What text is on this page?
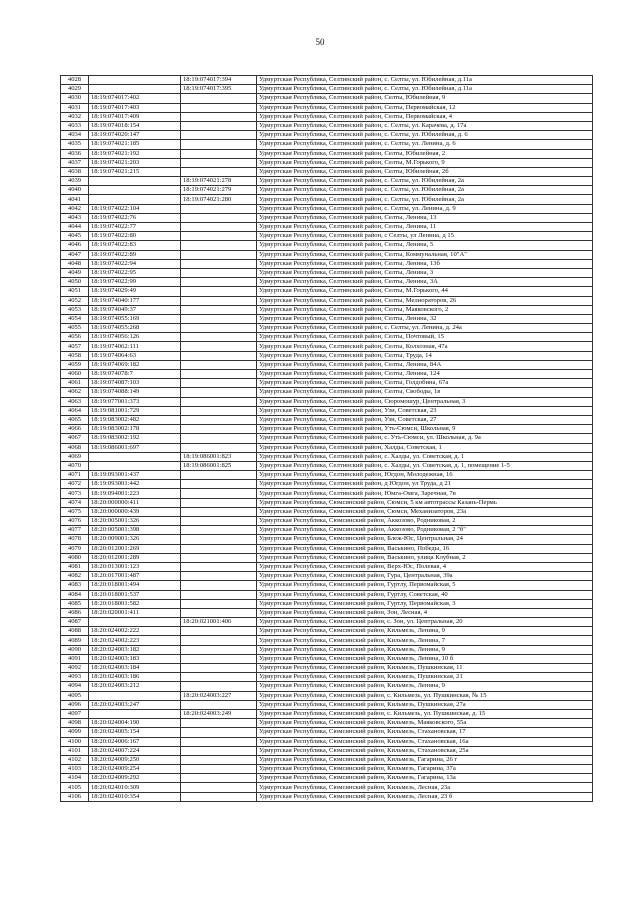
50
4028		18:19:074017:394	Удмуртская Республика, Селтинский район, с. Селты, ул. Юбилейная, д.11а
4029		18:19:074017:395	Удмуртская Республика, Селтинский район, с. Селты, ул. Юбилейная, д.11а
4030	18:19:074017:402		Удмуртская Республика, Селтинский район, Селты, Юбилейная, 9
4031	18:19:074017:403		Удмуртская Республика, Селтинский район, Селты, Первомайская, 12
4032	18:19:074017:409		Удмуртская Республика, Селтинский район, Селты, Первомайская, 4
4033	18:19:074018:154		Удмуртская Республика, Селтинский район, с. Селты, ул. Карачева, д. 17а
4034	18:19:074020:147		Удмуртская Республика, Селтинский район, с. Селты, ул. Юбилейная, д. 6
4035	18:19:074021:185		Удмуртская Республика, Селтинский район, с. Селты, ул. Ленина, д. 6
4036	18:19:074021:192		Удмуртская Республика, Селтинский район, Селты, Юбилейная, 2
4037	18:19:074021:203		Удмуртская Республика, Селтинский район, Селты, М.Горького, 9
4038	18:19:074021:215		Удмуртская Республика, Селтинский район, Селты, Юбилейная, 2б
4039		18:19:074021:278	Удмуртская Республика, Селтинский район, с. Селты, ул. Юбилейная, 2а
4040		18:19:074021:279	Удмуртская Республика, Селтинский район, с. Селты, ул. Юбилейная, 2а
4041		18:19:074021:280	Удмуртская Республика, Селтинский район, с. Селты, ул. Юбилейная, 2а
4042	18:19:074022:104		Удмуртская Республика, Селтинский район, с. Селты, ул. Ленина, д. 9
4043	18:19:074022:76		Удмуртская Республика, Селтинский район, Селты, Ленина, 13
4044	18:19:074022:77		Удмуртская Республика, Селтинский район, Селты, Ленина, 11
4045	18:19:074022:80		Удмуртская Республика, Селтинский район, с Селты, ул Ленина, д 15
4046	18:19:074022:83		Удмуртская Республика, Селтинский район, Селты, Ленина, 5
4047	18:19:074022:89		Удмуртская Республика, Селтинский район, Селты, Коммунальная, 10"А"
4048	18:19:074022:94		Удмуртская Республика, Селтинский район, Селты, Ленина, 13б
4049	18:19:074022:95		Удмуртская Республика, Селтинский район, Селты, Ленина, 3
4050	18:19:074022:99		Удмуртская Республика, Селтинский район, Селты, Ленина, 3А
4051	18:19:074029:49		Удмуртская Республика, Селтинский район, Селты, М.Горького, 44
4052	18:19:074040:177		Удмуртская Республика, Селтинский район, Селты, Мелиораторов, 26
4053	18:19:074049:37		Удмуртская Республика, Селтинский район, Селты, Маяковского, 2
4054	18:19:074055:169		Удмуртская Республика, Селтинский район, Селты, Ленина, 32
4055	18:19:074055:268		Удмуртская Республика, Селтинский район, с. Селты, ул. Ленина, д. 24а
4056	18:19:074056:126		Удмуртская Республика, Селтинский район, Селты, Почтовый, 15
4057	18:19:074062:111		Удмуртская Республика, Селтинский район, Селты, Колхозная, 47а
4058	18:19:074064:63		Удмуртская Республика, Селтинский район, Селты, Труда, 14
4059	18:19:074069:182		Удмуртская Республика, Селтинский район, Селты, Ленина, 84А
4060	18:19:074078:7		Удмуртская Республика, Селтинский район, Селты, Ленина, 124
4061	18:19:074087:103		Удмуртская Республика, Селтинский район, Селты, Голдобина, 67а
4062	18:19:074088:149		Удмуртская Республика, Селтинский район, Селты, Свободы, 1в
4063	18:19:077001:373		Удмуртская Республика, Селтинский район, Сюромошур, Центральная, 3
4064	18:19:081001:729		Удмуртская Республика, Селтинский район, Узи, Советская, 23
4065	18:19:083002:482		Удмуртская Республика, Селтинский район, Узи, Советская, 27
4066	18:19:083002:178		Удмуртская Республика, Селтинский район, Уть-Сюмси, Школьная, 9
4067	18:19:083002:192		Удмуртская Республика, Селтинский район, с. Уть-Сюмси, ул. Школьная, д. 9а
4068	18:19:086001:697		Удмуртская Республика, Селтинский район, Халды, Советская, 1
4069		18:19:086001:823	Удмуртская Республика, Селтинский район, с. Халды, ул. Советская, д. 1
4070		18:19:086001:825	Удмуртская Республика, Селтинский район, с. Халды, ул. Советская, д. 1, помещение 1-5
4071	18:19:093001:437		Удмуртская Республика, Селтинский район, Югдон, Молодежная, 16
4072	18:19:093001:442		Удмуртская Республика, Селтинский район, д Югдон, ул Труда, д 21
4073	18:19:094001:223		Удмуртская Республика, Селтинский район, Юмга-Омга, Заречная, 7в
4074	18:20:000000:411		Удмуртская Республика, Сюмсинский район, Сюмси, 5 км автотрассы Казань-Пермь
4075	18:20:000000:439		Удмуртская Республика, Сюмсинский район, Сюмси, Механизаторов, 23а
4076	18:20:005001:326		Удмуртская Республика, Сюмсинский район, Аккозово, Родниковая, 2
4077	18:20:005001:398		Удмуртская Республика, Сюмсинский район, Аккозово, Родниковая, 2 "б"
4078	18:20:009001:326		Удмуртская Республика, Сюмсинский район, Блеж-Юс, Центральная, 24
4079	18:20:012001:269		Удмуртская Республика, Сюмсинский район, Васькино, Победы, 16
4080	18:20:012001:289		Удмуртская Республика, Сюмсинский район, Васькино, улица Клубная, 2
4081	18:20:013001:123		Удмуртская Республика, Сюмсинский район, Верх-Юс, Полевая, 4
4082	18:20:017001:487		Удмуртская Республика, Сюмсинский район, Гура, Центральная, 39а
4083	18:20:018001:494		Удмуртская Республика, Сюмсинский район, Гуртлу, Первомайская, 5
4084	18:20:018001:537		Удмуртская Республика, Сюмсинский район, Гуртлу, Советская, 40
4085	18:20:018001:582		Удмуртская Республика, Сюмсинский район, Гуртлу, Первомайская, 3
4086	18:20:020001:411		Удмуртская Республика, Сюмсинский район, Зон, Лесная, 4
4087		18:20:021001:406	Удмуртская Республика, Сюмсинский район, с. Зон, ул. Центральная, 20
4088	18:20:024002:222		Удмуртская Республика, Сюмсинский район, Кильмезь, Ленина, 9
4089	18:20:024002:223		Удмуртская Республика, Сюмсинский район, Кильмезь, Ленина, 7
4090	18:20:024003:182		Удмуртская Республика, Сюмсинский район, Кильмезь, Ленина, 9
4091	18:20:024003:183		Удмуртская Республика, Сюмсинский район, Кильмезь, Ленина, 10 б
4092	18:20:024003:184		Удмуртская Республика, Сюмсинский район, Кильмезь, Пушкинская, 11
4093	18:20:024003:186		Удмуртская Республика, Сюмсинский район, Кильмезь, Пушкинская, 21
4094	18:20:024003:212		Удмуртская Республика, Сюмсинский район, Кильмезь, Ленина, 9
4095		18:20:024003:227	Удмуртская Республика, Сюмсинский район, с. Кильмезь, ул. Пушкинская, № 15
4096	18:20:024003:247		Удмуртская Республика, Сюмсинский район, Кильмезь, Пушкинская, 27а
4097		18:20:024003:249	Удмуртская Республика, Сюмсинский район, с. Кильмезь, ул. Пушкинская, д. 15
4098	18:20:024004:190		Удмуртская Республика, Сюмсинский район, Кильмезь, Маяковского, 55а
4099	18:20:024005:154		Удмуртская Республика, Сюмсинский район, Кильмезь, Стахановская, 17
4100	18:20:024006:167		Удмуртская Республика, Сюмсинский район, Кильмезь, Стахановская, 16а
4101	18:20:024007:224		Удмуртская Республика, Сюмсинский район, Кильмезь, Стахановская, 25а
4102	18:20:024009:250		Удмуртская Республика, Сюмсинский район, Кильмезь, Гагарина, 26 г
4103	18:20:024009:254		Удмуртская Республика, Сюмсинский район, Кильмезь, Гагарина, 37а
4104	18:20:024009:292		Удмуртская Республика, Сюмсинский район, Кильмезь, Гагарина, 13а
4105	18:20:024010:309		Удмуртская Республика, Сюмсинский район, Кильмезь, Лесная, 23а
4106	18:20:024010:354		Удмуртская Республика, Сюмсинский район, Кильмезь, Лесная, 23 б
